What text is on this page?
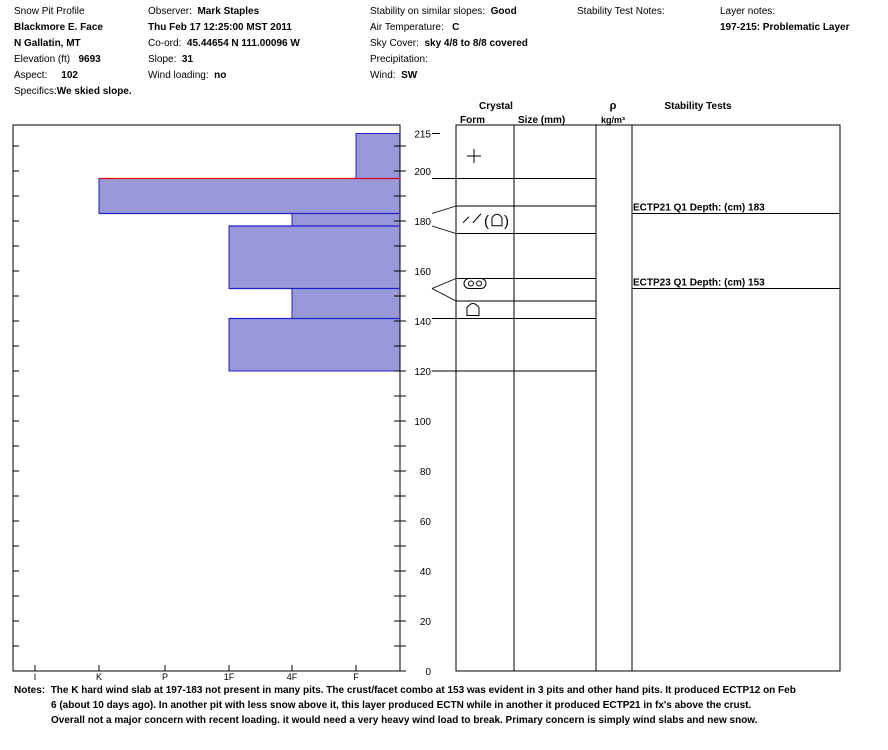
Snow Pit Profile
Blackmore E. Face
N Gallatin, MT
Elevation (ft) 9693
Aspect: 102
Specifics:We skied slope.
Observer: Mark Staples
Thu Feb 17 12:25:00 MST 2011
Co-ord: 45.44654 N 111.00096 W
Slope: 31
Wind loading: no
Stability on similar slopes: Good
Air Temperature: C
Sky Cover: sky 4/8 to 8/8 covered
Precipitation:
Wind: SW
Stability Test Notes:	Layer notes:
197-215: Problematic Layer
I	K	P	1F	4F	F	0
20
40
60
80
100
120
140
160
180
200
215
( )
ECTP21 Q1 Depth: (cm) 183
ECTP23 Q1 Depth: (cm) 153
Crystal
Form	Size (mm)
ρ
kg/m³
Stability Tests
Notes: The K hard wind slab at 197-183 not present in many pits. The crust/facet combo at 153 was evident in 3 pits and other hand pits. It produced ECTP12 on Feb
6 (about 10 days ago). In another pit with less snow above it, this layer produced ECTN while in another it produced ECTP21 in fx's above the crust.
Overall not a major concern with recent loading. it would need a very heavy wind load to break. Primary concern is simply wind slabs and new snow.
